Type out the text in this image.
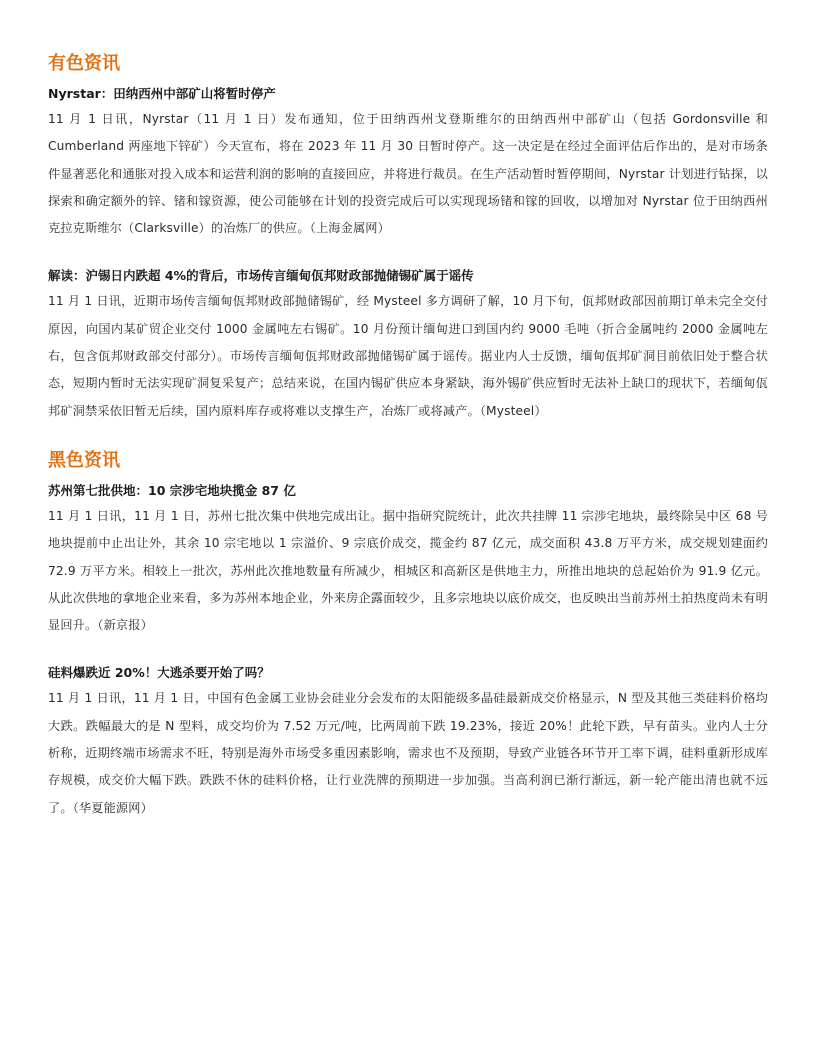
有色资讯
Nyrstar：田纳西州中部矿山将暂时停产

11 月 1 日讯，Nyrstar（11 月 1 日）发布通知，位于田纳西州戈登斯维尔的田纳西州中部矿山（包括 Gordonsville 和 Cumberland 两座地下锌矿）今天宣布，将在 2023 年 11 月 30 日暂时停产。这一决定是在经过全面评估后作出的，是对市场条件显著恶化和通胀对投入成本和运营利润的影响的直接回应，并将进行裁员。在生产活动暂时暂停期间，Nyrstar 计划进行钻探，以探索和确定额外的锌、锗和镓资源，使公司能够在计划的投资完成后可以实现现场锗和镓的回收，以增加对 Nyrstar 位于田纳西州克拉克斯维尔（Clarksville）的冶炼厂的供应。（上海金属网）

解读：沪锡日内跌超 4%的背后，市场传言缅甸佤邦财政部抛储锡矿属于谣传

11 月 1 日讯，近期市场传言缅甸佤邦财政部抛储锡矿，经 Mysteel 多方调研了解，10 月下旬，佤邦财政部因前期订单未完全交付原因，向国内某矿贸企业交付 1000 金属吨左右锡矿。10 月份预计缅甸进口到国内约 9000 毛吨（折合金属吨约 2000 金属吨左右，包含佤邦财政部交付部分）。市场传言缅甸佤邦财政部抛储锡矿属于谣传。据业内人士反馈，缅甸佤邦矿洞目前依旧处于整合状态，短期内暂时无法实现矿洞复采复产；总结来说，在国内锡矿供应本身紧缺，海外锡矿供应暂时无法补上缺口的现状下，若缅甸佤邦矿洞禁采依旧暂无后续，国内原料库存或将难以支撑生产，冶炼厂或将减产。（Mysteel）

黑色资讯
苏州第七批供地：10 宗涉宅地块揽金 87 亿

11 月 1 日讯，11 月 1 日，苏州七批次集中供地完成出让。据中指研究院统计，此次共挂牌 11 宗涉宅地块，最终除吴中区 68 号地块提前中止出让外，其余 10 宗宅地以 1 宗溢价、9 宗底价成交，揽金约 87 亿元，成交面积 43.8 万平方米，成交规划建面约 72.9 万平方米。相较上一批次，苏州此次推地数量有所减少，相城区和高新区是供地主力，所推出地块的总起始价为 91.9 亿元。从此次供地的拿地企业来看，多为苏州本地企业，外来房企露面较少，且多宗地块以底价成交，也反映出当前苏州土拍热度尚未有明显回升。（新京报）

硅料爆跌近 20%！大逃杀要开始了吗？

11 月 1 日讯，11 月 1 日，中国有色金属工业协会硅业分会发布的太阳能级多晶硅最新成交价格显示，N 型及其他三类硅料价格均大跌。跌幅最大的是 N 型料，成交均价为 7.52 万元/吨，比两周前下跌 19.23%，接近 20%！此轮下跌，早有苗头。业内人士分析称，近期终端市场需求不旺，特别是海外市场受多重因素影响，需求也不及预期，导致产业链各环节开工率下调，硅料重新形成库存规模，成交价大幅下跌。跌跌不休的硅料价格，让行业洗牌的预期进一步加强。当高利润已渐行渐远，新一轮产能出清也就不远了。（华夏能源网）
